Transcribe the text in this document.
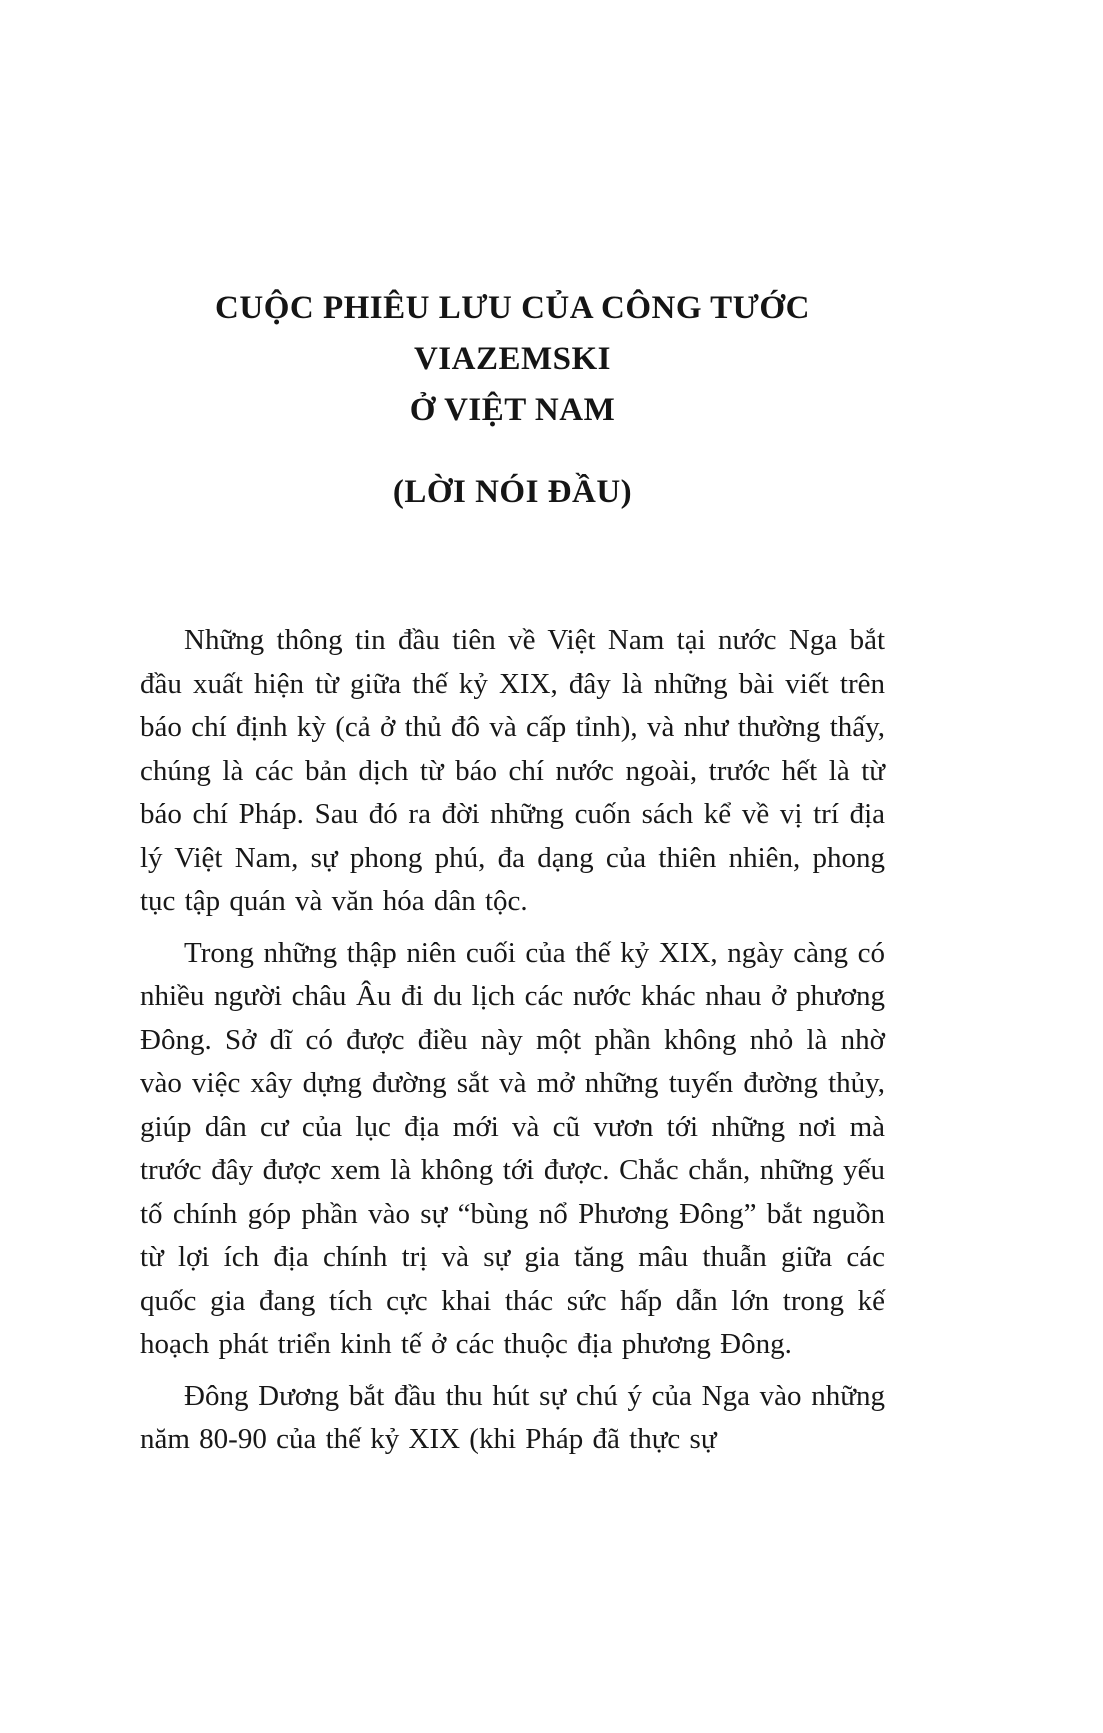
CUỘC PHIÊU LƯU CỦA CÔNG TƯỚC VIAZEMSKI
Ở VIỆT NAM
(LỜI NÓI ĐẦU)

Những thông tin đầu tiên về Việt Nam tại nước Nga bắt đầu xuất hiện từ giữa thế kỷ XIX, đây là những bài viết trên báo chí định kỳ (cả ở thủ đô và cấp tỉnh), và như thường thấy, chúng là các bản dịch từ báo chí nước ngoài, trước hết là từ báo chí Pháp. Sau đó ra đời những cuốn sách kể về vị trí địa lý Việt Nam, sự phong phú, đa dạng của thiên nhiên, phong tục tập quán và văn hóa dân tộc.

Trong những thập niên cuối của thế kỷ XIX, ngày càng có nhiều người châu Âu đi du lịch các nước khác nhau ở phương Đông. Sở dĩ có được điều này một phần không nhỏ là nhờ vào việc xây dựng đường sắt và mở những tuyến đường thủy, giúp dân cư của lục địa mới và cũ vươn tới những nơi mà trước đây được xem là không tới được. Chắc chắn, những yếu tố chính góp phần vào sự “bùng nổ Phương Đông” bắt nguồn từ lợi ích địa chính trị và sự gia tăng mâu thuẫn giữa các quốc gia đang tích cực khai thác sức hấp dẫn lớn trong kế hoạch phát triển kinh tế ở các thuộc địa phương Đông.

Đông Dương bắt đầu thu hút sự chú ý của Nga vào những năm 80-90 của thế kỷ XIX (khi Pháp đã thực sự
